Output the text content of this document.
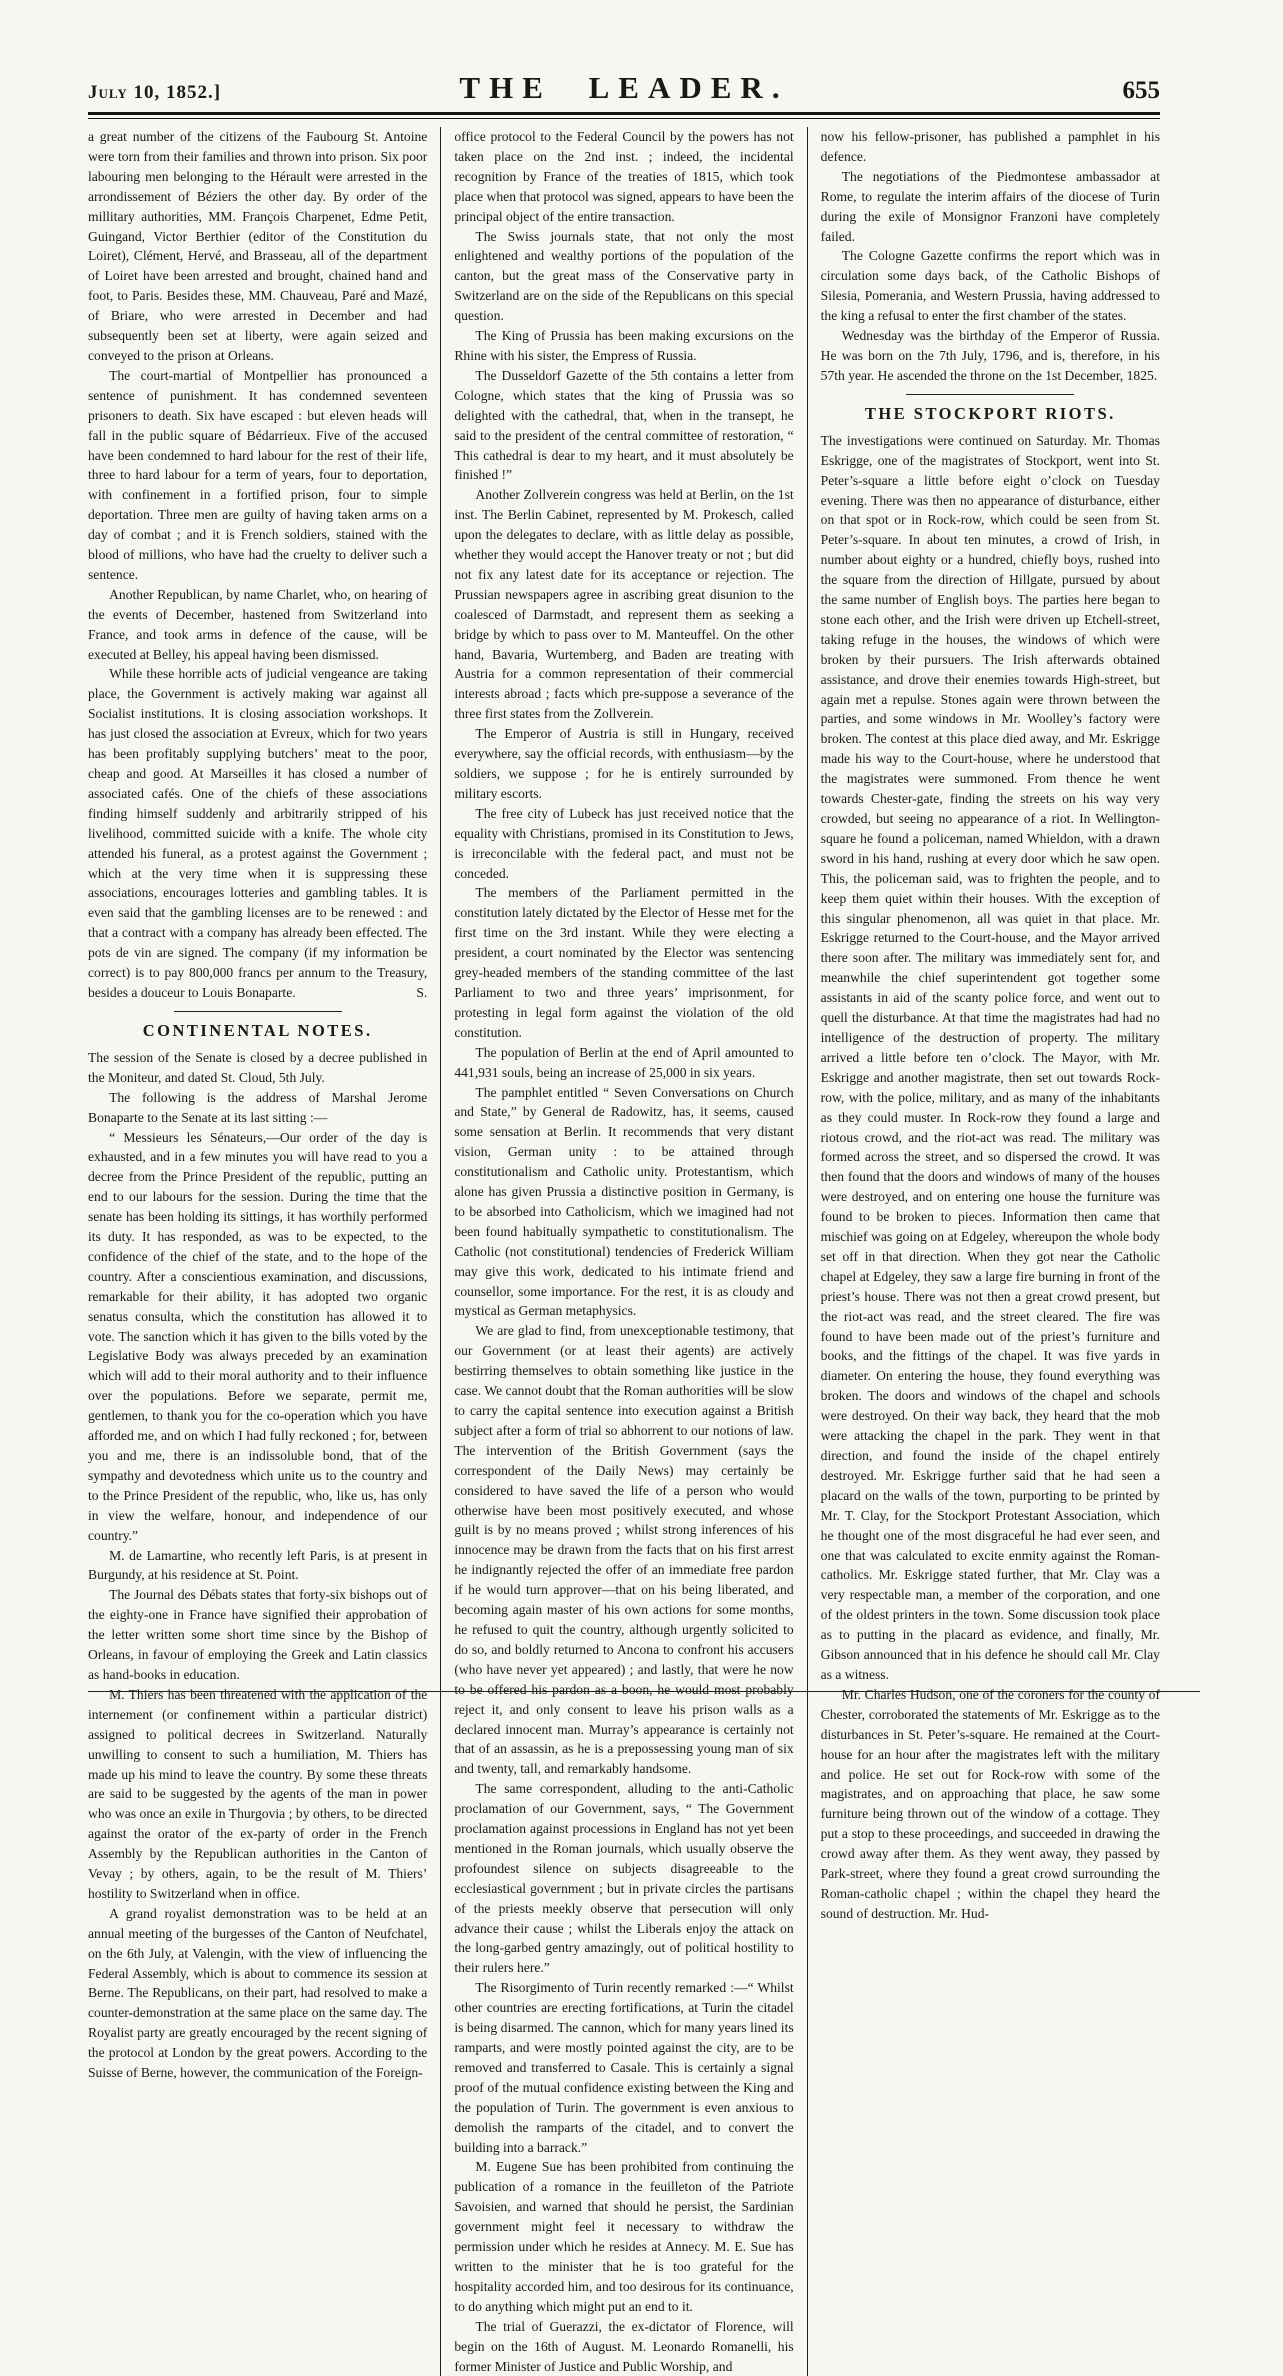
July 10, 1852.]	THE LEADER.	655

a great number of the citizens of the Faubourg St. Antoine were torn from their families and thrown into prison. Six poor labouring men belonging to the Hérault were arrested in the arrondissement of Béziers the other day. By order of the millitary authorities, MM. François Charpenet, Edme Petit, Guingand, Victor Berthier (editor of the Constitution du Loiret), Clément, Hervé, and Brasseau, all of the department of Loiret have been arrested and brought, chained hand and foot, to Paris. Besides these, MM. Chauveau, Paré and Mazé, of Briare, who were arrested in December and had subsequently been set at liberty, were again seized and conveyed to the prison at Orleans.

The court-martial of Montpellier has pronounced a sentence of punishment. It has condemned seventeen prisoners to death. Six have escaped : but eleven heads will fall in the public square of Bédarrieux. Five of the accused have been condemned to hard labour for the rest of their life, three to hard labour for a term of years, four to deportation, with confinement in a fortified prison, four to simple deportation. Three men are guilty of having taken arms on a day of combat ; and it is French soldiers, stained with the blood of millions, who have had the cruelty to deliver such a sentence.

Another Republican, by name Charlet, who, on hearing of the events of December, hastened from Switzerland into France, and took arms in defence of the cause, will be executed at Belley, his appeal having been dismissed.

While these horrible acts of judicial vengeance are taking place, the Government is actively making war against all Socialist institutions. It is closing association workshops. It has just closed the association at Evreux, which for two years has been profitably supplying butchers’ meat to the poor, cheap and good. At Marseilles it has closed a number of associated cafés. One of the chiefs of these associations finding himself suddenly and arbitrarily stripped of his livelihood, committed suicide with a knife. The whole city attended his funeral, as a protest against the Government ; which at the very time when it is suppressing these associations, encourages lotteries and gambling tables. It is even said that the gambling licenses are to be renewed : and that a contract with a company has already been effected. The pots de vin are signed. The company (if my information be correct) is to pay 800,000 francs per annum to the Treasury, besides a douceur to Louis Bonaparte.	S.

CONTINENTAL NOTES.

The session of the Senate is closed by a decree published in the Moniteur, and dated St. Cloud, 5th July.

The following is the address of Marshal Jerome Bonaparte to the Senate at its last sitting :—

“ Messieurs les Sénateurs,—Our order of the day is exhausted, and in a few minutes you will have read to you a decree from the Prince President of the republic, putting an end to our labours for the session. During the time that the senate has been holding its sittings, it has worthily performed its duty. It has responded, as was to be expected, to the confidence of the chief of the state, and to the hope of the country. After a conscientious examination, and discussions, remarkable for their ability, it has adopted two organic senatus consulta, which the constitution has allowed it to vote. The sanction which it has given to the bills voted by the Legislative Body was always preceded by an examination which will add to their moral authority and to their influence over the populations. Before we separate, permit me, gentlemen, to thank you for the co-operation which you have afforded me, and on which I had fully reckoned ; for, between you and me, there is an indissoluble bond, that of the sympathy and devotedness which unite us to the country and to the Prince President of the republic, who, like us, has only in view the welfare, honour, and independence of our country.”

M. de Lamartine, who recently left Paris, is at present in Burgundy, at his residence at St. Point.

The Journal des Débats states that forty-six bishops out of the eighty-one in France have signified their approbation of the letter written some short time since by the Bishop of Orleans, in favour of employing the Greek and Latin classics as hand-books in education.

M. Thiers has been threatened with the application of the internement (or confinement within a particular district) assigned to political decrees in Switzerland. Naturally unwilling to consent to such a humiliation, M. Thiers has made up his mind to leave the country. By some these threats are said to be suggested by the agents of the man in power who was once an exile in Thurgovia ; by others, to be directed against the orator of the ex-party of order in the French Assembly by the Republican authorities in the Canton of Vevay ; by others, again, to be the result of M. Thiers’ hostility to Switzerland when in office.

A grand royalist demonstration was to be held at an annual meeting of the burgesses of the Canton of Neufchatel, on the 6th July, at Valengin, with the view of influencing the Federal Assembly, which is about to commence its session at Berne. The Republicans, on their part, had resolved to make a counter-demonstration at the same place on the same day. The Royalist party are greatly encouraged by the recent signing of the protocol at London by the great powers. According to the Suisse of Berne, however, the communication of the Foreign-

office protocol to the Federal Council by the powers has not taken place on the 2nd inst. ; indeed, the incidental recognition by France of the treaties of 1815, which took place when that protocol was signed, appears to have been the principal object of the entire transaction.

The Swiss journals state, that not only the most enlightened and wealthy portions of the population of the canton, but the great mass of the Conservative party in Switzerland are on the side of the Republicans on this special question.

The King of Prussia has been making excursions on the Rhine with his sister, the Empress of Russia.

The Dusseldorf Gazette of the 5th contains a letter from Cologne, which states that the king of Prussia was so delighted with the cathedral, that, when in the transept, he said to the president of the central committee of restoration, “ This cathedral is dear to my heart, and it must absolutely be finished !”

Another Zollverein congress was held at Berlin, on the 1st inst. The Berlin Cabinet, represented by M. Prokesch, called upon the delegates to declare, with as little delay as possible, whether they would accept the Hanover treaty or not ; but did not fix any latest date for its acceptance or rejection. The Prussian newspapers agree in ascribing great disunion to the coalesced of Darmstadt, and represent them as seeking a bridge by which to pass over to M. Manteuffel. On the other hand, Bavaria, Wurtemberg, and Baden are treating with Austria for a common representation of their commercial interests abroad ; facts which pre-suppose a severance of the three first states from the Zollverein.

The Emperor of Austria is still in Hungary, received everywhere, say the official records, with enthusiasm—by the soldiers, we suppose ; for he is entirely surrounded by military escorts.

The free city of Lubeck has just received notice that the equality with Christians, promised in its Constitution to Jews, is irreconcilable with the federal pact, and must not be conceded.

The members of the Parliament permitted in the constitution lately dictated by the Elector of Hesse met for the first time on the 3rd instant. While they were electing a president, a court nominated by the Elector was sentencing grey-headed members of the standing committee of the last Parliament to two and three years’ imprisonment, for protesting in legal form against the violation of the old constitution.

The population of Berlin at the end of April amounted to 441,931 souls, being an increase of 25,000 in six years.

The pamphlet entitled “ Seven Conversations on Church and State,” by General de Radowitz, has, it seems, caused some sensation at Berlin. It recommends that very distant vision, German unity : to be attained through constitutionalism and Catholic unity. Protestantism, which alone has given Prussia a distinctive position in Germany, is to be absorbed into Catholicism, which we imagined had not been found habitually sympathetic to constitutionalism. The Catholic (not constitutional) tendencies of Frederick William may give this work, dedicated to his intimate friend and counsellor, some importance. For the rest, it is as cloudy and mystical as German metaphysics.

We are glad to find, from unexceptionable testimony, that our Government (or at least their agents) are actively bestirring themselves to obtain something like justice in the case. We cannot doubt that the Roman authorities will be slow to carry the capital sentence into execution against a British subject after a form of trial so abhorrent to our notions of law. The intervention of the British Government (says the correspondent of the Daily News) may certainly be considered to have saved the life of a person who would otherwise have been most positively executed, and whose guilt is by no means proved ; whilst strong inferences of his innocence may be drawn from the facts that on his first arrest he indignantly rejected the offer of an immediate free pardon if he would turn approver—that on his being liberated, and becoming again master of his own actions for some months, he refused to quit the country, although urgently solicited to do so, and boldly returned to Ancona to confront his accusers (who have never yet appeared) ; and lastly, that were he now to be offered his pardon as a boon, he would most probably reject it, and only consent to leave his prison walls as a declared innocent man. Murray’s appearance is certainly not that of an assassin, as he is a prepossessing young man of six and twenty, tall, and remarkably handsome.

The same correspondent, alluding to the anti-Catholic proclamation of our Government, says, “ The Government proclamation against processions in England has not yet been mentioned in the Roman journals, which usually observe the profoundest silence on subjects disagreeable to the ecclesiastical government ; but in private circles the partisans of the priests meekly observe that persecution will only advance their cause ; whilst the Liberals enjoy the attack on the long-garbed gentry amazingly, out of political hostility to their rulers here.”

The Risorgimento of Turin recently remarked :—“ Whilst other countries are erecting fortifications, at Turin the citadel is being disarmed. The cannon, which for many years lined its ramparts, and were mostly pointed against the city, are to be removed and transferred to Casale. This is certainly a signal proof of the mutual confidence existing between the King and the population of Turin. The government is even anxious to demolish the ramparts of the citadel, and to convert the building into a barrack.”

M. Eugene Sue has been prohibited from continuing the publication of a romance in the feuilleton of the Patriote Savoisien, and warned that should he persist, the Sardinian government might feel it necessary to withdraw the permission under which he resides at Annecy. M. E. Sue has written to the minister that he is too grateful for the hospitality accorded him, and too desirous for its continuance, to do anything which might put an end to it.

The trial of Guerazzi, the ex-dictator of Florence, will begin on the 16th of August. M. Leonardo Romanelli, his former Minister of Justice and Public Worship, and

now his fellow-prisoner, has published a pamphlet in his defence.

The negotiations of the Piedmontese ambassador at Rome, to regulate the interim affairs of the diocese of Turin during the exile of Monsignor Franzoni have completely failed.

The Cologne Gazette confirms the report which was in circulation some days back, of the Catholic Bishops of Silesia, Pomerania, and Western Prussia, having addressed to the king a refusal to enter the first chamber of the states.

Wednesday was the birthday of the Emperor of Russia. He was born on the 7th July, 1796, and is, therefore, in his 57th year. He ascended the throne on the 1st December, 1825.

THE STOCKPORT RIOTS.

The investigations were continued on Saturday. Mr. Thomas Eskrigge, one of the magistrates of Stockport, went into St. Peter’s-square a little before eight o’clock on Tuesday evening. There was then no appearance of disturbance, either on that spot or in Rock-row, which could be seen from St. Peter’s-square. In about ten minutes, a crowd of Irish, in number about eighty or a hundred, chiefly boys, rushed into the square from the direction of Hillgate, pursued by about the same number of English boys. The parties here began to stone each other, and the Irish were driven up Etchell-street, taking refuge in the houses, the windows of which were broken by their pursuers. The Irish afterwards obtained assistance, and drove their enemies towards High-street, but again met a repulse. Stones again were thrown between the parties, and some windows in Mr. Woolley’s factory were broken. The contest at this place died away, and Mr. Eskrigge made his way to the Court-house, where he understood that the magistrates were summoned. From thence he went towards Chester-gate, finding the streets on his way very crowded, but seeing no appearance of a riot. In Wellington-square he found a policeman, named Whieldon, with a drawn sword in his hand, rushing at every door which he saw open. This, the policeman said, was to frighten the people, and to keep them quiet within their houses. With the exception of this singular phenomenon, all was quiet in that place. Mr. Eskrigge returned to the Court-house, and the Mayor arrived there soon after. The military was immediately sent for, and meanwhile the chief superintendent got together some assistants in aid of the scanty police force, and went out to quell the disturbance. At that time the magistrates had had no intelligence of the destruction of property. The military arrived a little before ten o’clock. The Mayor, with Mr. Eskrigge and another magistrate, then set out towards Rock-row, with the police, military, and as many of the inhabitants as they could muster. In Rock-row they found a large and riotous crowd, and the riot-act was read. The military was formed across the street, and so dispersed the crowd. It was then found that the doors and windows of many of the houses were destroyed, and on entering one house the furniture was found to be broken to pieces. Information then came that mischief was going on at Edgeley, whereupon the whole body set off in that direction. When they got near the Catholic chapel at Edgeley, they saw a large fire burning in front of the priest’s house. There was not then a great crowd present, but the riot-act was read, and the street cleared. The fire was found to have been made out of the priest’s furniture and books, and the fittings of the chapel. It was five yards in diameter. On entering the house, they found everything was broken. The doors and windows of the chapel and schools were destroyed. On their way back, they heard that the mob were attacking the chapel in the park. They went in that direction, and found the inside of the chapel entirely destroyed. Mr. Eskrigge further said that he had seen a placard on the walls of the town, purporting to be printed by Mr. T. Clay, for the Stockport Protestant Association, which he thought one of the most disgraceful he had ever seen, and one that was calculated to excite enmity against the Roman-catholics. Mr. Eskrigge stated further, that Mr. Clay was a very respectable man, a member of the corporation, and one of the oldest printers in the town. Some discussion took place as to putting in the placard as evidence, and finally, Mr. Gibson announced that in his defence he should call Mr. Clay as a witness.

Mr. Charles Hudson, one of the coroners for the county of Chester, corroborated the statements of Mr. Eskrigge as to the disturbances in St. Peter’s-square. He remained at the Court-house for an hour after the magistrates left with the military and police. He set out for Rock-row with some of the magistrates, and on approaching that place, he saw some furniture being thrown out of the window of a cottage. They put a stop to these proceedings, and succeeded in drawing the crowd away after them. As they went away, they passed by Park-street, where they found a great crowd surrounding the Roman-catholic chapel ; within the chapel they heard the sound of destruction. Mr. Hud-
